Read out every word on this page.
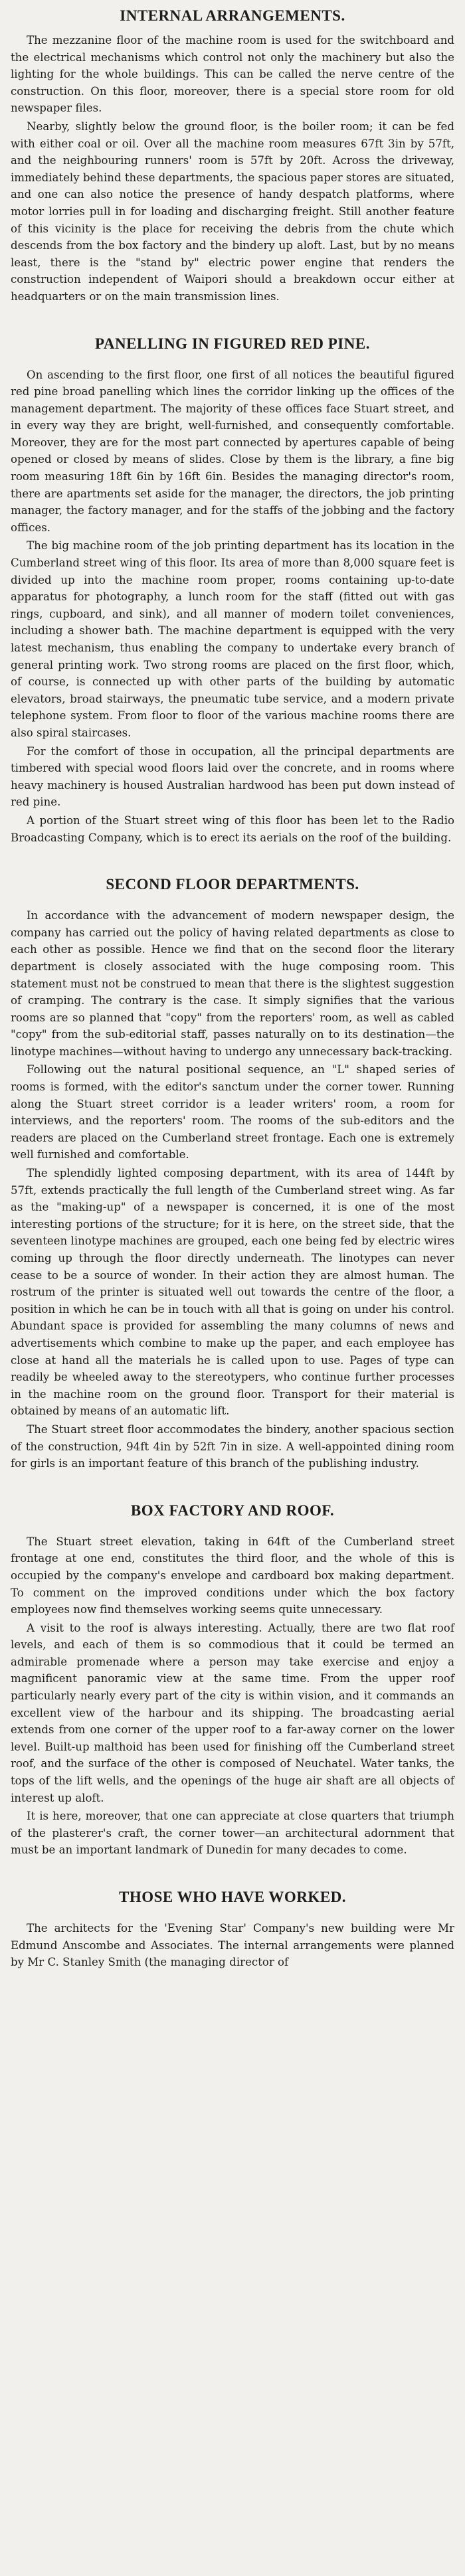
INTERNAL ARRANGEMENTS.

The mezzanine floor of the machine room is used for the switchboard and the electrical mechanisms which control not only the machinery but also the lighting for the whole buildings. This can be called the nerve centre of the construction. On this floor, moreover, there is a special store room for old newspaper files.

Nearby, slightly below the ground floor, is the boiler room; it can be fed with either coal or oil. Over all the machine room measures 67ft 3in by 57ft, and the neighbouring runners' room is 57ft by 20ft. Across the driveway, immediately behind these departments, the spacious paper stores are situated, and one can also notice the presence of handy despatch platforms, where motor lorries pull in for loading and discharging freight. Still another feature of this vicinity is the place for receiving the debris from the chute which descends from the box factory and the bindery up aloft. Last, but by no means least, there is the "stand by" electric power engine that renders the construction independent of Waipori should a breakdown occur either at headquarters or on the main transmission lines.

PANELLING IN FIGURED RED PINE.

On ascending to the first floor, one first of all notices the beautiful figured red pine broad panelling which lines the corridor linking up the offices of the management department. The majority of these offices face Stuart street, and in every way they are bright, well-furnished, and consequently comfortable. Moreover, they are for the most part connected by apertures capable of being opened or closed by means of slides. Close by them is the library, a fine big room measuring 18ft 6in by 16ft 6in. Besides the managing director's room, there are apartments set aside for the manager, the directors, the job printing manager, the factory manager, and for the staffs of the jobbing and the factory offices.

The big machine room of the job printing department has its location in the Cumberland street wing of this floor. Its area of more than 8,000 square feet is divided up into the machine room proper, rooms containing up-to-date apparatus for photography, a lunch room for the staff (fitted out with gas rings, cupboard, and sink), and all manner of modern toilet conveniences, including a shower bath. The machine department is equipped with the very latest mechanism, thus enabling the company to undertake every branch of general printing work. Two strong rooms are placed on the first floor, which, of course, is connected up with other parts of the building by automatic elevators, broad stairways, the pneumatic tube service, and a modern private telephone system. From floor to floor of the various machine rooms there are also spiral staircases.

For the comfort of those in occupation, all the principal departments are timbered with special wood floors laid over the concrete, and in rooms where heavy machinery is housed Australian hardwood has been put down instead of red pine.

A portion of the Stuart street wing of this floor has been let to the Radio Broadcasting Company, which is to erect its aerials on the roof of the building.

SECOND FLOOR DEPARTMENTS.

In accordance with the advancement of modern newspaper design, the company has carried out the policy of having related departments as close to each other as possible. Hence we find that on the second floor the literary department is closely associated with the huge composing room. This statement must not be construed to mean that there is the slightest suggestion of cramping. The contrary is the case. It simply signifies that the various rooms are so planned that "copy" from the reporters' room, as well as cabled "copy" from the sub-editorial staff, passes naturally on to its destination—the linotype machines—without having to undergo any unnecessary back-tracking.

Following out the natural positional sequence, an "L" shaped series of rooms is formed, with the editor's sanctum under the corner tower. Running along the Stuart street corridor is a leader writers' room, a room for interviews, and the reporters' room. The rooms of the sub-editors and the readers are placed on the Cumberland street frontage. Each one is extremely well furnished and comfortable.

The splendidly lighted composing department, with its area of 144ft by 57ft, extends practically the full length of the Cumberland street wing. As far as the "making-up" of a newspaper is concerned, it is one of the most interesting portions of the structure; for it is here, on the street side, that the seventeen linotype machines are grouped, each one being fed by electric wires coming up through the floor directly underneath. The linotypes can never cease to be a source of wonder. In their action they are almost human. The rostrum of the printer is situated well out towards the centre of the floor, a position in which he can be in touch with all that is going on under his control. Abundant space is provided for assembling the many columns of news and advertisements which combine to make up the paper, and each employee has close at hand all the materials he is called upon to use. Pages of type can readily be wheeled away to the stereotypers, who continue further processes in the machine room on the ground floor. Transport for their material is obtained by means of an automatic lift.

The Stuart street floor accommodates the bindery, another spacious section of the construction, 94ft 4in by 52ft 7in in size. A well-appointed dining room for girls is an important feature of this branch of the publishing industry.

BOX FACTORY AND ROOF.

The Stuart street elevation, taking in 64ft of the Cumberland street frontage at one end, constitutes the third floor, and the whole of this is occupied by the company's envelope and cardboard box making department. To comment on the improved conditions under which the box factory employees now find themselves working seems quite unnecessary.

A visit to the roof is always interesting. Actually, there are two flat roof levels, and each of them is so commodious that it could be termed an admirable promenade where a person may take exercise and enjoy a magnificent panoramic view at the same time. From the upper roof particularly nearly every part of the city is within vision, and it commands an excellent view of the harbour and its shipping. The broadcasting aerial extends from one corner of the upper roof to a far-away corner on the lower level. Built-up malthoid has been used for finishing off the Cumberland street roof, and the surface of the other is composed of Neuchatel. Water tanks, the tops of the lift wells, and the openings of the huge air shaft are all objects of interest up aloft.

It is here, moreover, that one can appreciate at close quarters that triumph of the plasterer's craft, the corner tower—an architectural adornment that must be an important landmark of Dunedin for many decades to come.

THOSE WHO HAVE WORKED.

The architects for the 'Evening Star' Company's new building were Mr Edmund Anscombe and Associates. The internal arrangements were planned by Mr C. Stanley Smith (the managing director of
